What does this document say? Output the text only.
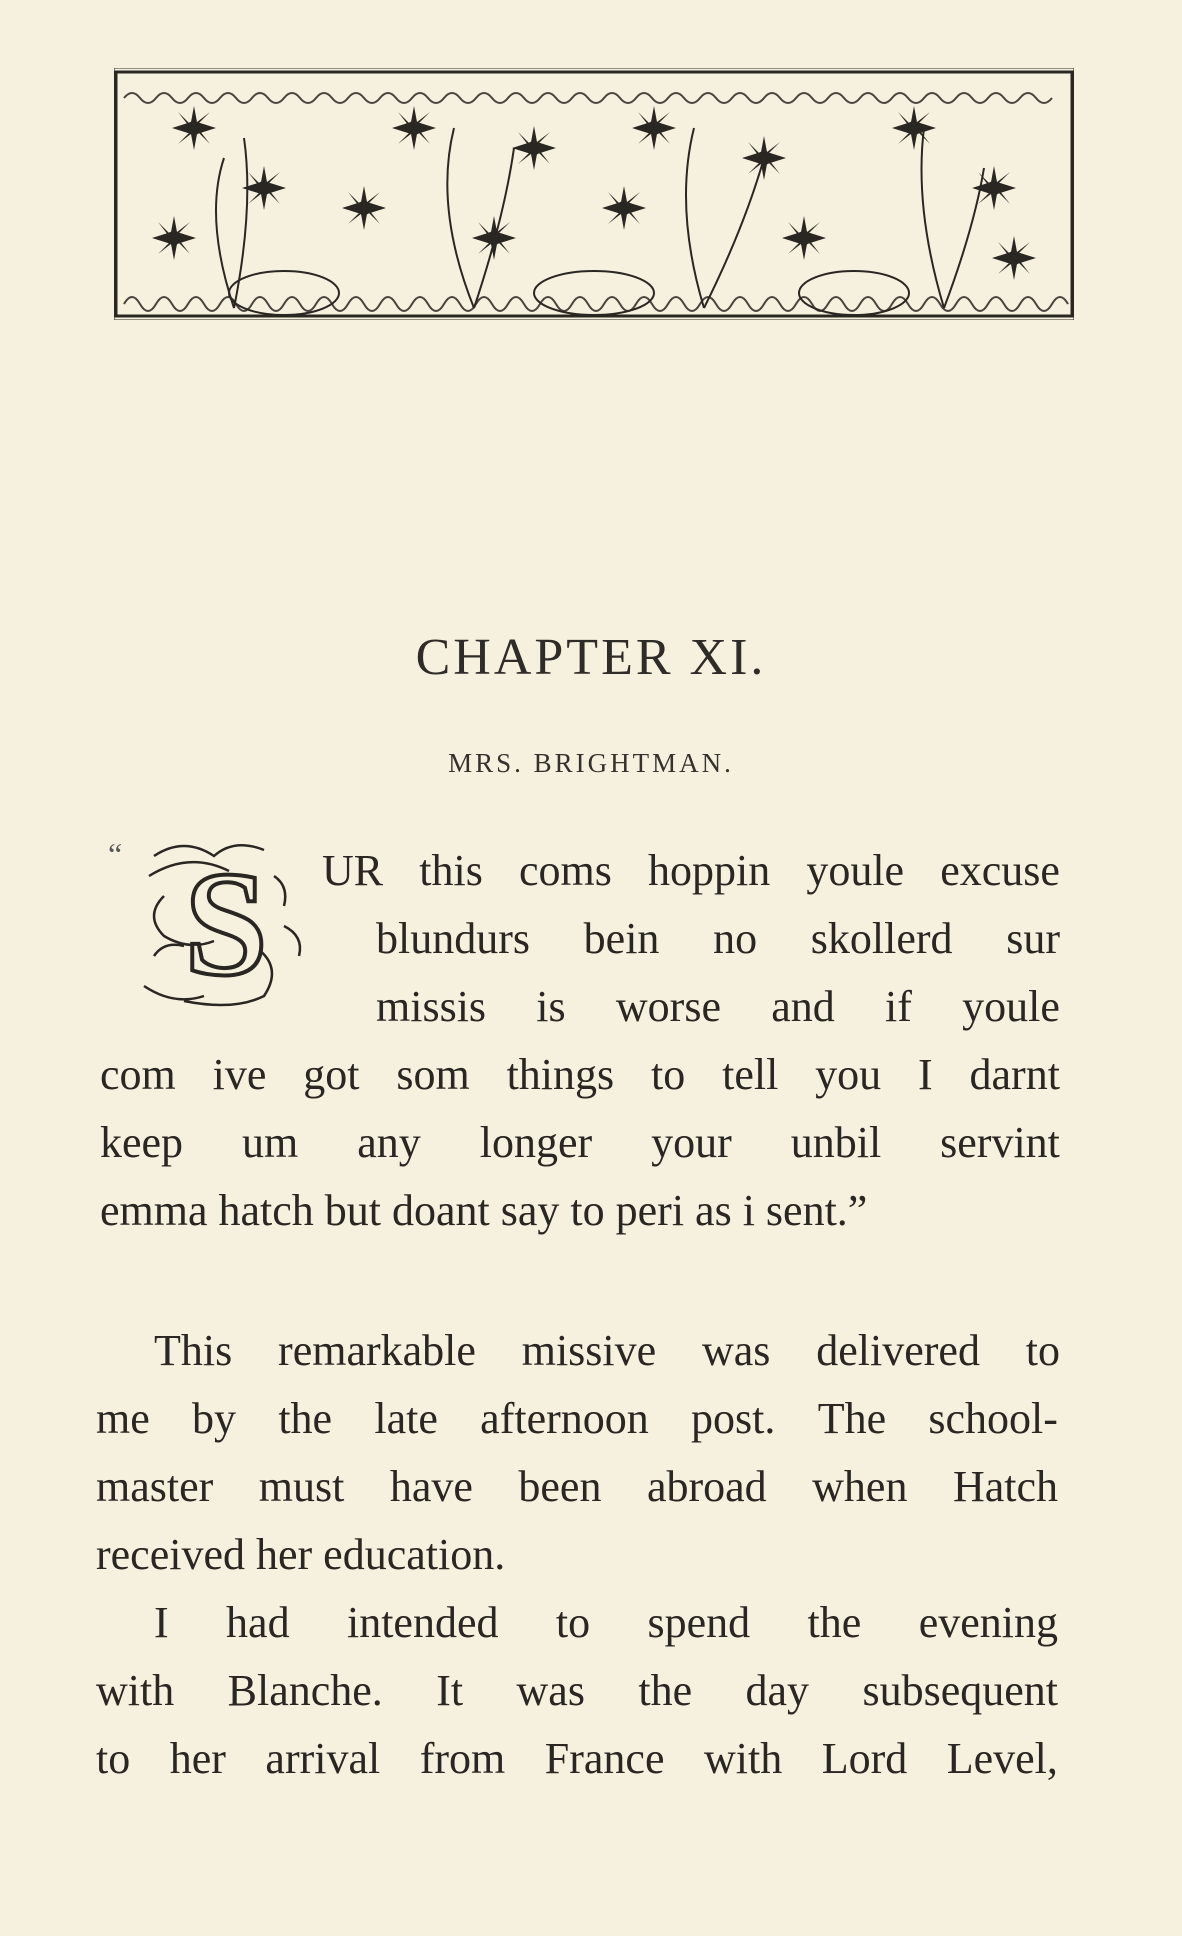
CHAPTER XI.
MRS. BRIGHTMAN.
“ S	UR this coms hoppin youle excuse
blundurs bein no skollerd sur
missis is worse and if youle
com ive got som things to tell you I darnt
keep um any longer your unbil servint
emma hatch but doant say to peri as i sent.”
This remarkable missive was delivered to
me by the late afternoon post. The school-
master must have been abroad when Hatch
received her education.
I had intended to spend the evening
with Blanche. It was the day subsequent
to her arrival from France with Lord Level,
